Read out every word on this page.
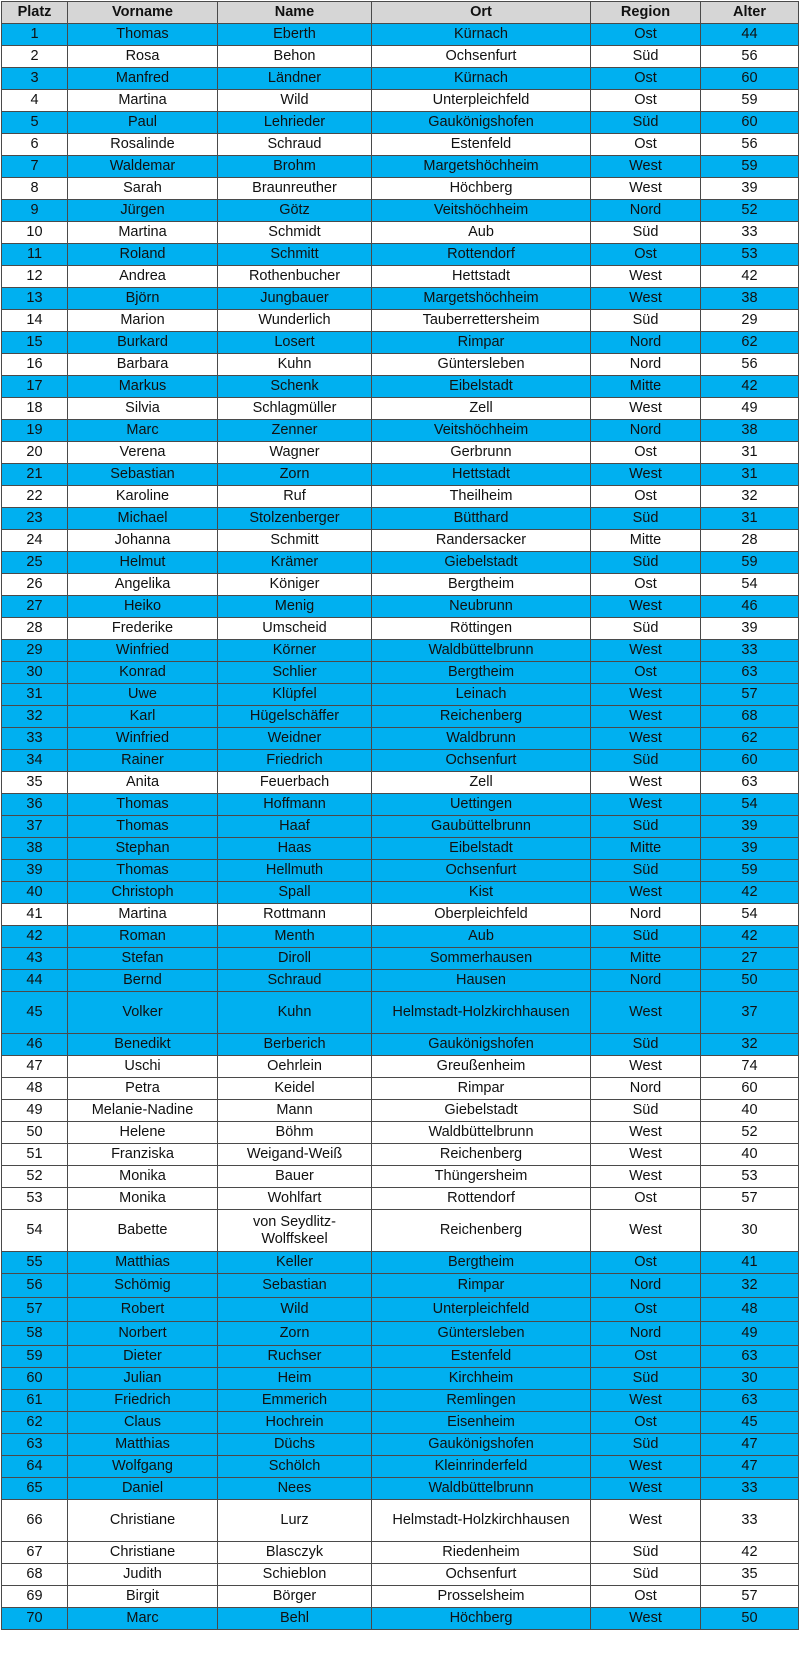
Platz	Vorname	Name	Ort	Region	Alter
1	Thomas	Eberth	Kürnach	Ost	44
2	Rosa	Behon	Ochsenfurt	Süd	56
3	Manfred	Ländner	Kürnach	Ost	60
4	Martina	Wild	Unterpleichfeld	Ost	59
5	Paul	Lehrieder	Gaukönigshofen	Süd	60
6	Rosalinde	Schraud	Estenfeld	Ost	56
7	Waldemar	Brohm	Margetshöchheim	West	59
8	Sarah	Braunreuther	Höchberg	West	39
9	Jürgen	Götz	Veitshöchheim	Nord	52
10	Martina	Schmidt	Aub	Süd	33
11	Roland	Schmitt	Rottendorf	Ost	53
12	Andrea	Rothenbucher	Hettstadt	West	42
13	Björn	Jungbauer	Margetshöchheim	West	38
14	Marion	Wunderlich	Tauberrettersheim	Süd	29
15	Burkard	Losert	Rimpar	Nord	62
16	Barbara	Kuhn	Güntersleben	Nord	56
17	Markus	Schenk	Eibelstadt	Mitte	42
18	Silvia	Schlagmüller	Zell	West	49
19	Marc	Zenner	Veitshöchheim	Nord	38
20	Verena	Wagner	Gerbrunn	Ost	31
21	Sebastian	Zorn	Hettstadt	West	31
22	Karoline	Ruf	Theilheim	Ost	32
23	Michael	Stolzenberger	Bütthard	Süd	31
24	Johanna	Schmitt	Randersacker	Mitte	28
25	Helmut	Krämer	Giebelstadt	Süd	59
26	Angelika	Königer	Bergtheim	Ost	54
27	Heiko	Menig	Neubrunn	West	46
28	Frederike	Umscheid	Röttingen	Süd	39
29	Winfried	Körner	Waldbüttelbrunn	West	33
30	Konrad	Schlier	Bergtheim	Ost	63
31	Uwe	Klüpfel	Leinach	West	57
32	Karl	Hügelschäffer	Reichenberg	West	68
33	Winfried	Weidner	Waldbrunn	West	62
34	Rainer	Friedrich	Ochsenfurt	Süd	60
35	Anita	Feuerbach	Zell	West	63
36	Thomas	Hoffmann	Uettingen	West	54
37	Thomas	Haaf	Gaubüttelbrunn	Süd	39
38	Stephan	Haas	Eibelstadt	Mitte	39
39	Thomas	Hellmuth	Ochsenfurt	Süd	59
40	Christoph	Spall	Kist	West	42
41	Martina	Rottmann	Oberpleichfeld	Nord	54
42	Roman	Menth	Aub	Süd	42
43	Stefan	Diroll	Sommerhausen	Mitte	27
44	Bernd	Schraud	Hausen	Nord	50
45	Volker	Kuhn	Helmstadt-Holzkirchhausen	West	37
46	Benedikt	Berberich	Gaukönigshofen	Süd	32
47	Uschi	Oehrlein	Greußenheim	West	74
48	Petra	Keidel	Rimpar	Nord	60
49	Melanie-Nadine	Mann	Giebelstadt	Süd	40
50	Helene	Böhm	Waldbüttelbrunn	West	52
51	Franziska	Weigand-Weiß	Reichenberg	West	40
52	Monika	Bauer	Thüngersheim	West	53
53	Monika	Wohlfart	Rottendorf	Ost	57
54	Babette	von Seydlitz-Wolffskeel	Reichenberg	West	30
55	Matthias	Keller	Bergtheim	Ost	41
56	Schömig	Sebastian	Rimpar	Nord	32
57	Robert	Wild	Unterpleichfeld	Ost	48
58	Norbert	Zorn	Güntersleben	Nord	49
59	Dieter	Ruchser	Estenfeld	Ost	63
60	Julian	Heim	Kirchheim	Süd	30
61	Friedrich	Emmerich	Remlingen	West	63
62	Claus	Hochrein	Eisenheim	Ost	45
63	Matthias	Düchs	Gaukönigshofen	Süd	47
64	Wolfgang	Schölch	Kleinrinderfeld	West	47
65	Daniel	Nees	Waldbüttelbrunn	West	33
66	Christiane	Lurz	Helmstadt-Holzkirchhausen	West	33
67	Christiane	Blasczyk	Riedenheim	Süd	42
68	Judith	Schieblon	Ochsenfurt	Süd	35
69	Birgit	Börger	Prosselsheim	Ost	57
70	Marc	Behl	Höchberg	West	50
